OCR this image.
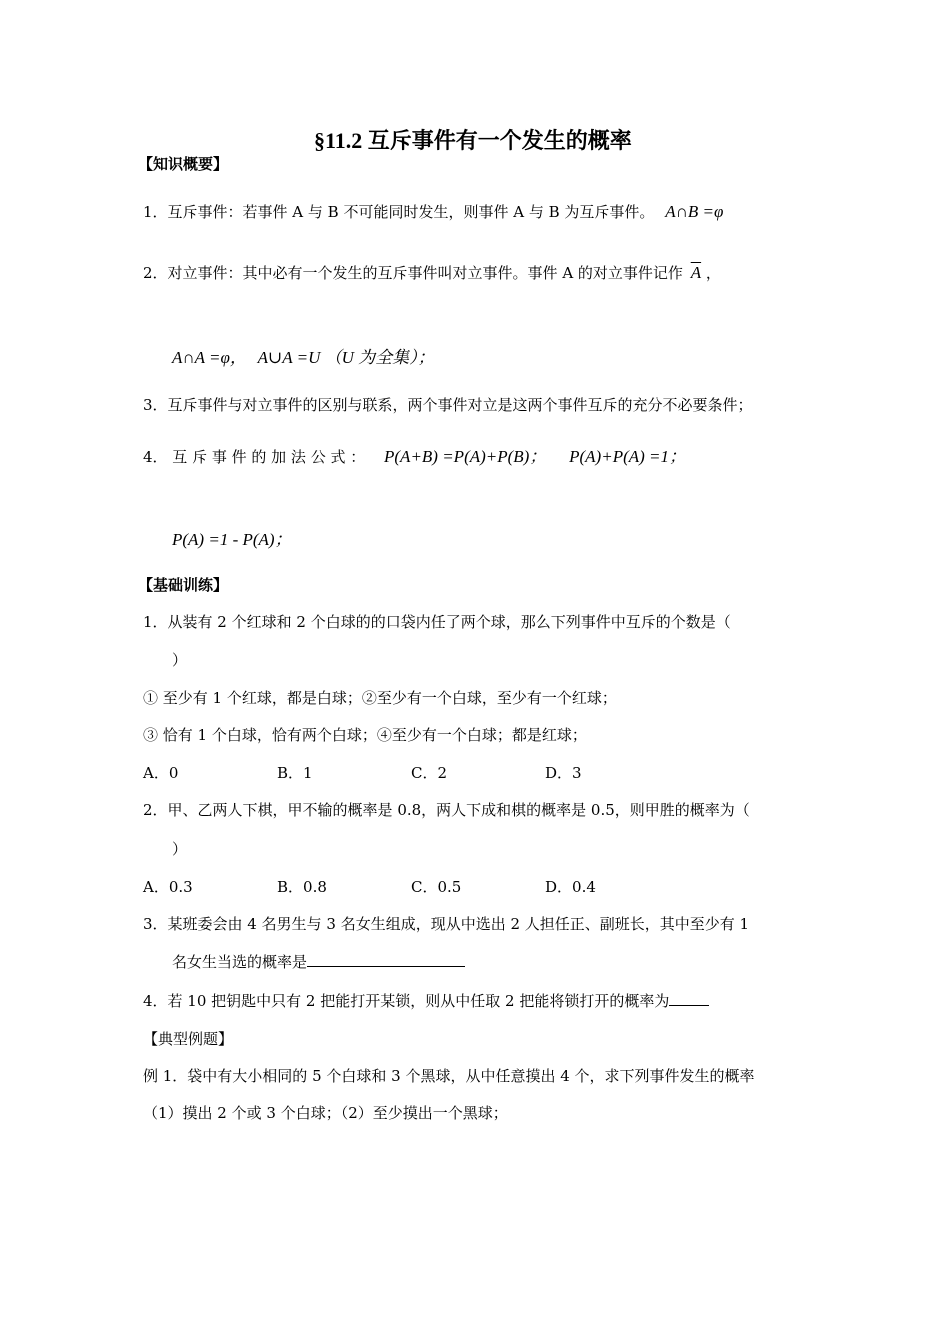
§11.2 互斥事件有一个发生的概率
【知识概要】
1．互斥事件：若事件 A 与 B 不可能同时发生，则事件 A 与 B 为互斥事件。 A∩B =φ
2．对立事件：其中必有一个发生的互斥事件叫对立事件。事件 A 的对立事件记作 $\overline{A}$ ，
A∩A =φ， A∪A =U （U 为全集）；
3．互斥事件与对立事件的区别与联系，两个事件对立是这两个事件互斥的充分不必要条件；
4． 互 斥 事 件 的 加 法 公 式 ： P(A+B) =P(A)+P(B)； P(A)+P(A) =1；
P(A) =1 - P(A)；
【基础训练】
1．从装有 2 个红球和 2 个白球的的口袋内任了两个球，那么下列事件中互斥的个数是（
）
① 至少有 1 个红球，都是白球；②至少有一个白球，至少有一个红球；
③ 恰有 1 个白球，恰有两个白球；④至少有一个白球；都是红球；
A．0	B．1	C．2	D．3
2．甲、乙两人下棋，甲不输的概率是 0.8，两人下成和棋的概率是 0.5，则甲胜的概率为（
）
A．0.3	B．0.8	C．0.5	D．0.4
3．某班委会由 4 名男生与 3 名女生组成，现从中选出 2 人担任正、副班长，其中至少有 1
名女生当选的概率是
4．若 10 把钥匙中只有 2 把能打开某锁，则从中任取 2 把能将锁打开的概率为
【典型例题】
例 1．袋中有大小相同的 5 个白球和 3 个黑球，从中任意摸出 4 个，求下列事件发生的概率
（1）摸出 2 个或 3 个白球；（2）至少摸出一个黑球；
